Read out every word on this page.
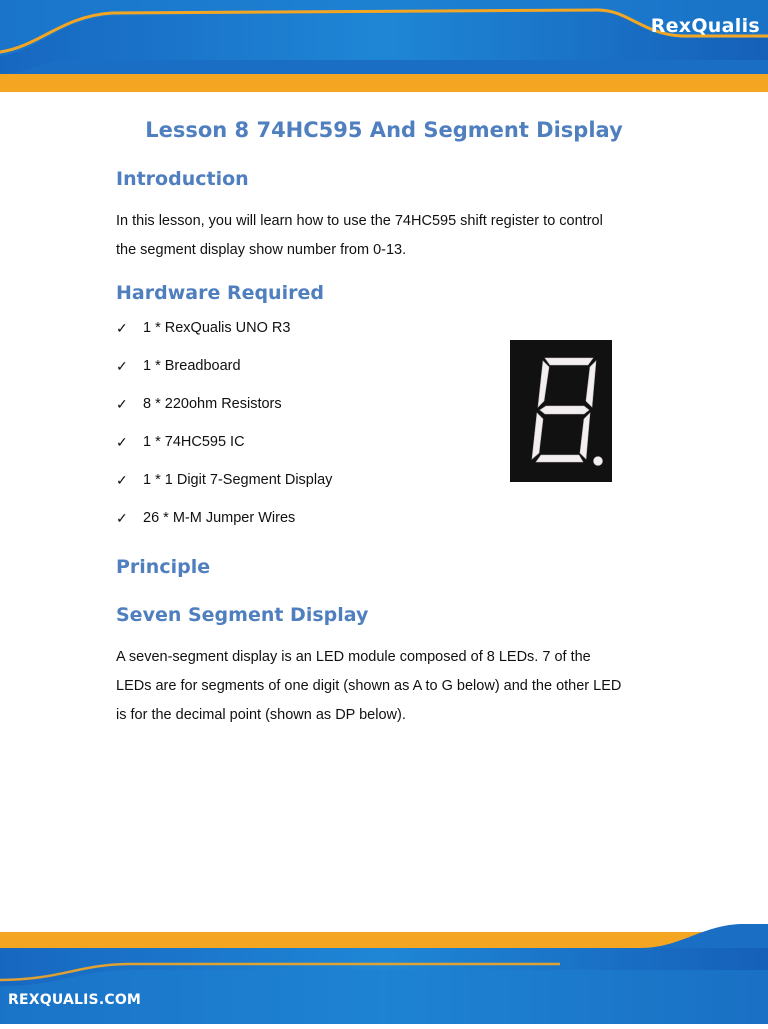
RexQualis
Lesson 8 74HC595 And Segment Display
Introduction
In this lesson, you will learn how to use the 74HC595 shift register to control
the segment display show number from 0-13.
Hardware Required
✓	1 * RexQualis UNO R3
✓	1 * Breadboard
✓	8 * 220ohm Resistors
✓	1 * 74HC595 IC
✓	1 * 1 Digit 7-Segment Display
✓	26 * M-M Jumper Wires
Principle
Seven Segment Display
A seven-segment display is an LED module composed of 8 LEDs. 7 of the
LEDs are for segments of one digit (shown as A to G below) and the other LED
is for the decimal point (shown as DP below).
REXQUALIS.COM
